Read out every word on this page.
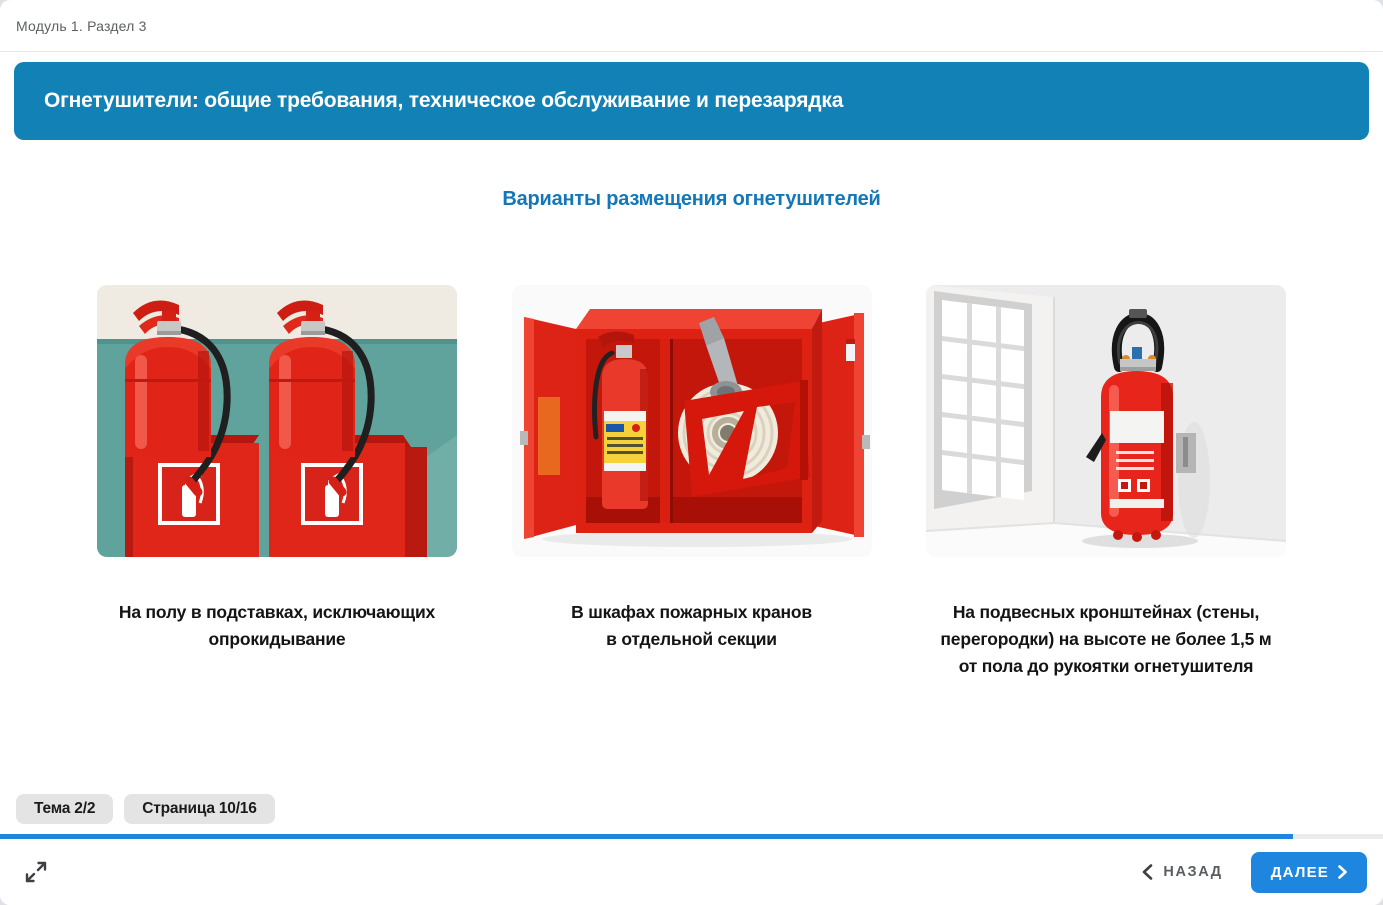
Модуль 1. Раздел 3
Огнетушители: общие требования, техническое обслуживание и перезарядка
Варианты размещения огнетушителей
На полу в подставках, исключающих опрокидывание
В шкафах пожарных кранов в отдельной секции
На подвесных кронштейнах (стены, перегородки) на высоте не более 1,5 м от пола до рукоятки огнетушителя
Тема 2/2	Страница 10/16
НАЗАД	ДАЛЕЕ
